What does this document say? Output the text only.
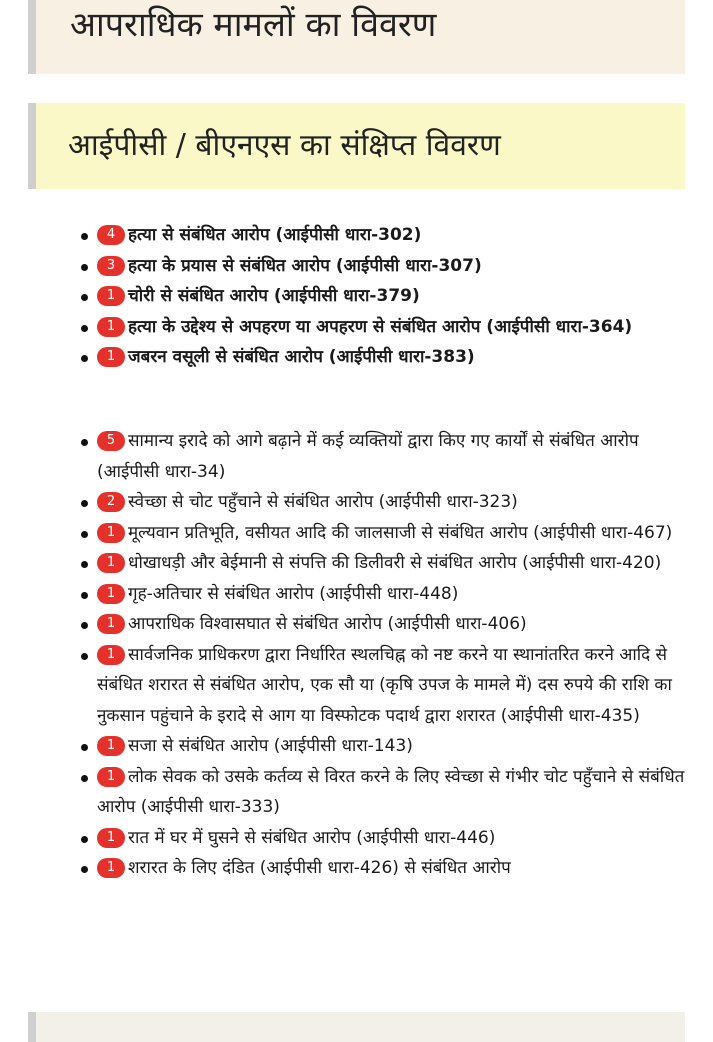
आपराधिक मामलों का विवरण
आईपीसी / बीएनएस का संक्षिप्त विवरण
4 हत्या से संबंधित आरोप (आईपीसी धारा-302)
3 हत्या के प्रयास से संबंधित आरोप (आईपीसी धारा-307)
1 चोरी से संबंधित आरोप (आईपीसी धारा-379)
1 हत्या के उद्देश्य से अपहरण या अपहरण से संबंधित आरोप (आईपीसी धारा-364)
1 जबरन वसूली से संबंधित आरोप (आईपीसी धारा-383)
5 सामान्य इरादे को आगे बढ़ाने में कई व्यक्तियों द्वारा किए गए कार्यों से संबंधित आरोप (आईपीसी धारा-34)
2 स्वेच्छा से चोट पहुँचाने से संबंधित आरोप (आईपीसी धारा-323)
1 मूल्यवान प्रतिभूति, वसीयत आदि की जालसाजी से संबंधित आरोप (आईपीसी धारा-467)
1 धोखाधड़ी और बेईमानी से संपत्ति की डिलीवरी से संबंधित आरोप (आईपीसी धारा-420)
1 गृह-अतिचार से संबंधित आरोप (आईपीसी धारा-448)
1 आपराधिक विश्वासघात से संबंधित आरोप (आईपीसी धारा-406)
1 सार्वजनिक प्राधिकरण द्वारा निर्धारित स्थलचिह्न को नष्ट करने या स्थानांतरित करने आदि से संबंधित शरारत से संबंधित आरोप, एक सौ या (कृषि उपज के मामले में) दस रुपये की राशि का नुकसान पहुंचाने के इरादे से आग या विस्फोटक पदार्थ द्वारा शरारत (आईपीसी धारा-435)
1 सजा से संबंधित आरोप (आईपीसी धारा-143)
1 लोक सेवक को उसके कर्तव्य से विरत करने के लिए स्वेच्छा से गंभीर चोट पहुँचाने से संबंधित आरोप (आईपीसी धारा-333)
1 रात में घर में घुसने से संबंधित आरोप (आईपीसी धारा-446)
1 शरारत के लिए दंडित (आईपीसी धारा-426) से संबंधित आरोप
